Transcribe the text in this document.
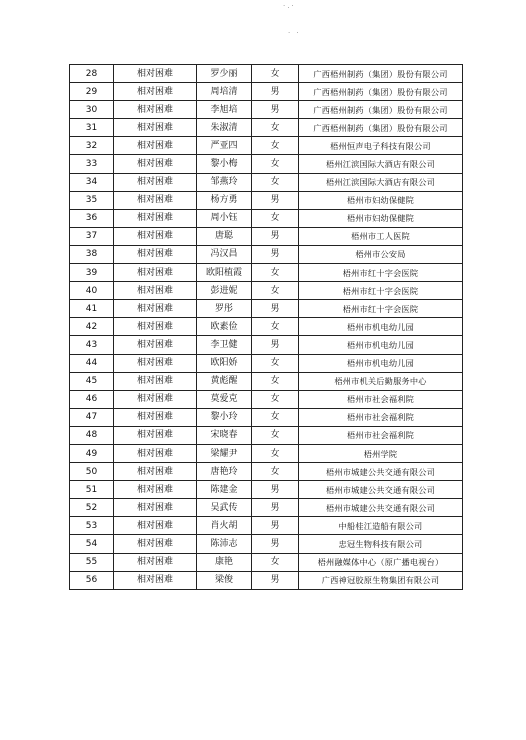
·.·
· ·
28	相对困难	罗少丽	女	广西梧州制药（集团）股份有限公司
29	相对困难	周培清	男	广西梧州制药（集团）股份有限公司
30	相对困难	李旭培	男	广西梧州制药（集团）股份有限公司
31	相对困难	朱淑清	女	广西梧州制药（集团）股份有限公司
32	相对困难	严亚四	女	梧州恒声电子科技有限公司
33	相对困难	黎小梅	女	梧州江滨国际大酒店有限公司
34	相对困难	邹燕玲	女	梧州江滨国际大酒店有限公司
35	相对困难	杨方勇	男	梧州市妇幼保健院
36	相对困难	周小钰	女	梧州市妇幼保健院
37	相对困难	唐聪	男	梧州市工人医院
38	相对困难	冯汉昌	男	梧州市公安局
39	相对困难	欧阳植霞	女	梧州市红十字会医院
40	相对困难	彭进妮	女	梧州市红十字会医院
41	相对困难	罗彤	男	梧州市红十字会医院
42	相对困难	欧素俭	女	梧州市机电幼儿园
43	相对困难	李卫健	男	梧州市机电幼儿园
44	相对困难	欧阳娇	女	梧州市机电幼儿园
45	相对困难	黄彪醒	女	梧州市机关后勤服务中心
46	相对困难	莫爱克	女	梧州市社会福利院
47	相对困难	黎小玲	女	梧州市社会福利院
48	相对困难	宋晓春	女	梧州市社会福利院
49	相对困难	梁耀尹	女	梧州学院
50	相对困难	唐艳玲	女	梧州市城建公共交通有限公司
51	相对困难	陈建金	男	梧州市城建公共交通有限公司
52	相对困难	吴武传	男	梧州市城建公共交通有限公司
53	相对困难	肖火胡	男	中船桂江造船有限公司
54	相对困难	陈沛志	男	忠冠生物科技有限公司
55	相对困难	康艳	女	梧州融媒体中心（原广播电视台）
56	相对困难	梁俊	男	广西神冠胶原生物集团有限公司
